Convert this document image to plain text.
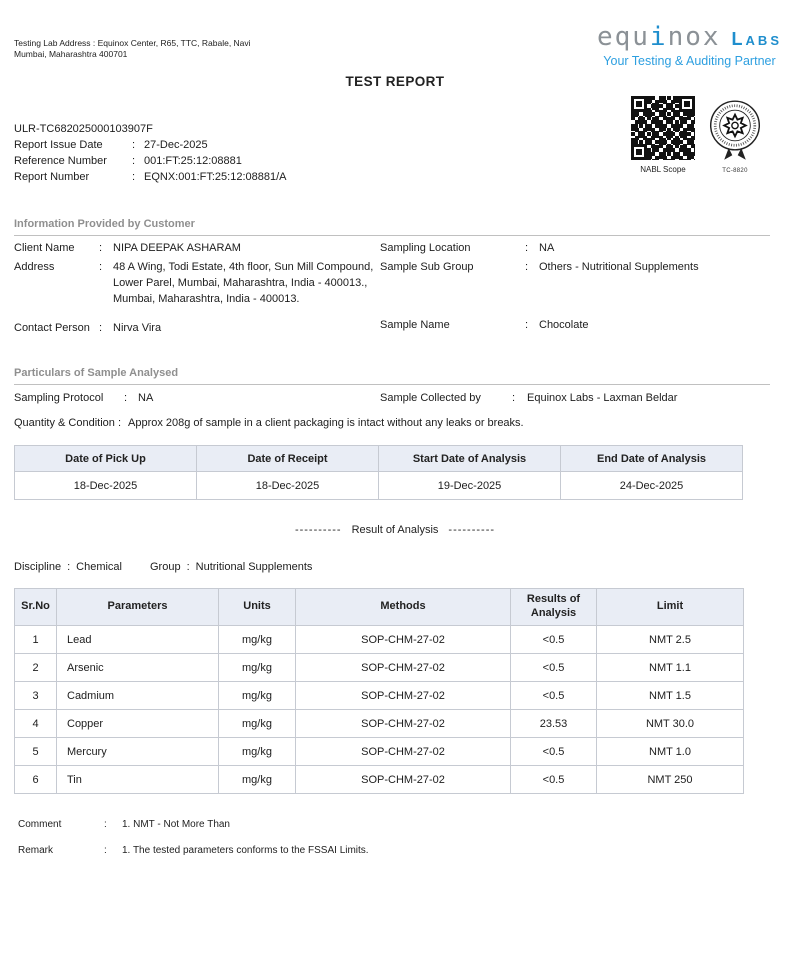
Testing Lab Address : Equinox Center, R65, TTC, Rabale, Navi Mumbai, Maharashtra 400701
TEST REPORT
equinox Labs
Your Testing & Auditing Partner
NABL Scope	TC-8820
ULR-TC682025000103907F
Report Issue Date	: 27-Dec-2025
Reference Number	: 001:FT:25:12:08881
Report Number	: EQNX:001:FT:25:12:08881/A
Information Provided by Customer
Client Name	: NIPA DEEPAK ASHARAM
Address	: 48 A Wing, Todi Estate, 4th floor, Sun Mill Compound, Lower Parel, Mumbai, Maharashtra, India - 400013., Mumbai, Maharashtra, India - 400013.
Contact Person : Nirva Vira
Sampling Location	: NA
Sample Sub Group	: Others - Nutritional Supplements
Sample Name	: Chocolate
Particulars of Sample Analysed
Sampling Protocol	: NA	Sample Collected by	:	Equinox Labs - Laxman Beldar
Quantity & Condition : Approx 208g of sample in a client packaging is intact without any leaks or breaks.
Date of Pick Up	Date of Receipt	Start Date of Analysis	End Date of Analysis
18-Dec-2025	18-Dec-2025	19-Dec-2025	24-Dec-2025
---------- Result of Analysis ----------
Discipline : Chemical	Group : Nutritional Supplements
Sr.No	Parameters	Units	Methods	Results of Analysis	Limit
1	Lead	mg/kg	SOP-CHM-27-02	<0.5	NMT 2.5
2	Arsenic	mg/kg	SOP-CHM-27-02	<0.5	NMT 1.1
3	Cadmium	mg/kg	SOP-CHM-27-02	<0.5	NMT 1.5
4	Copper	mg/kg	SOP-CHM-27-02	23.53	NMT 30.0
5	Mercury	mg/kg	SOP-CHM-27-02	<0.5	NMT 1.0
6	Tin	mg/kg	SOP-CHM-27-02	<0.5	NMT 250
Comment	:	1. NMT - Not More Than
Remark	:	1. The tested parameters conforms to the FSSAI Limits.
